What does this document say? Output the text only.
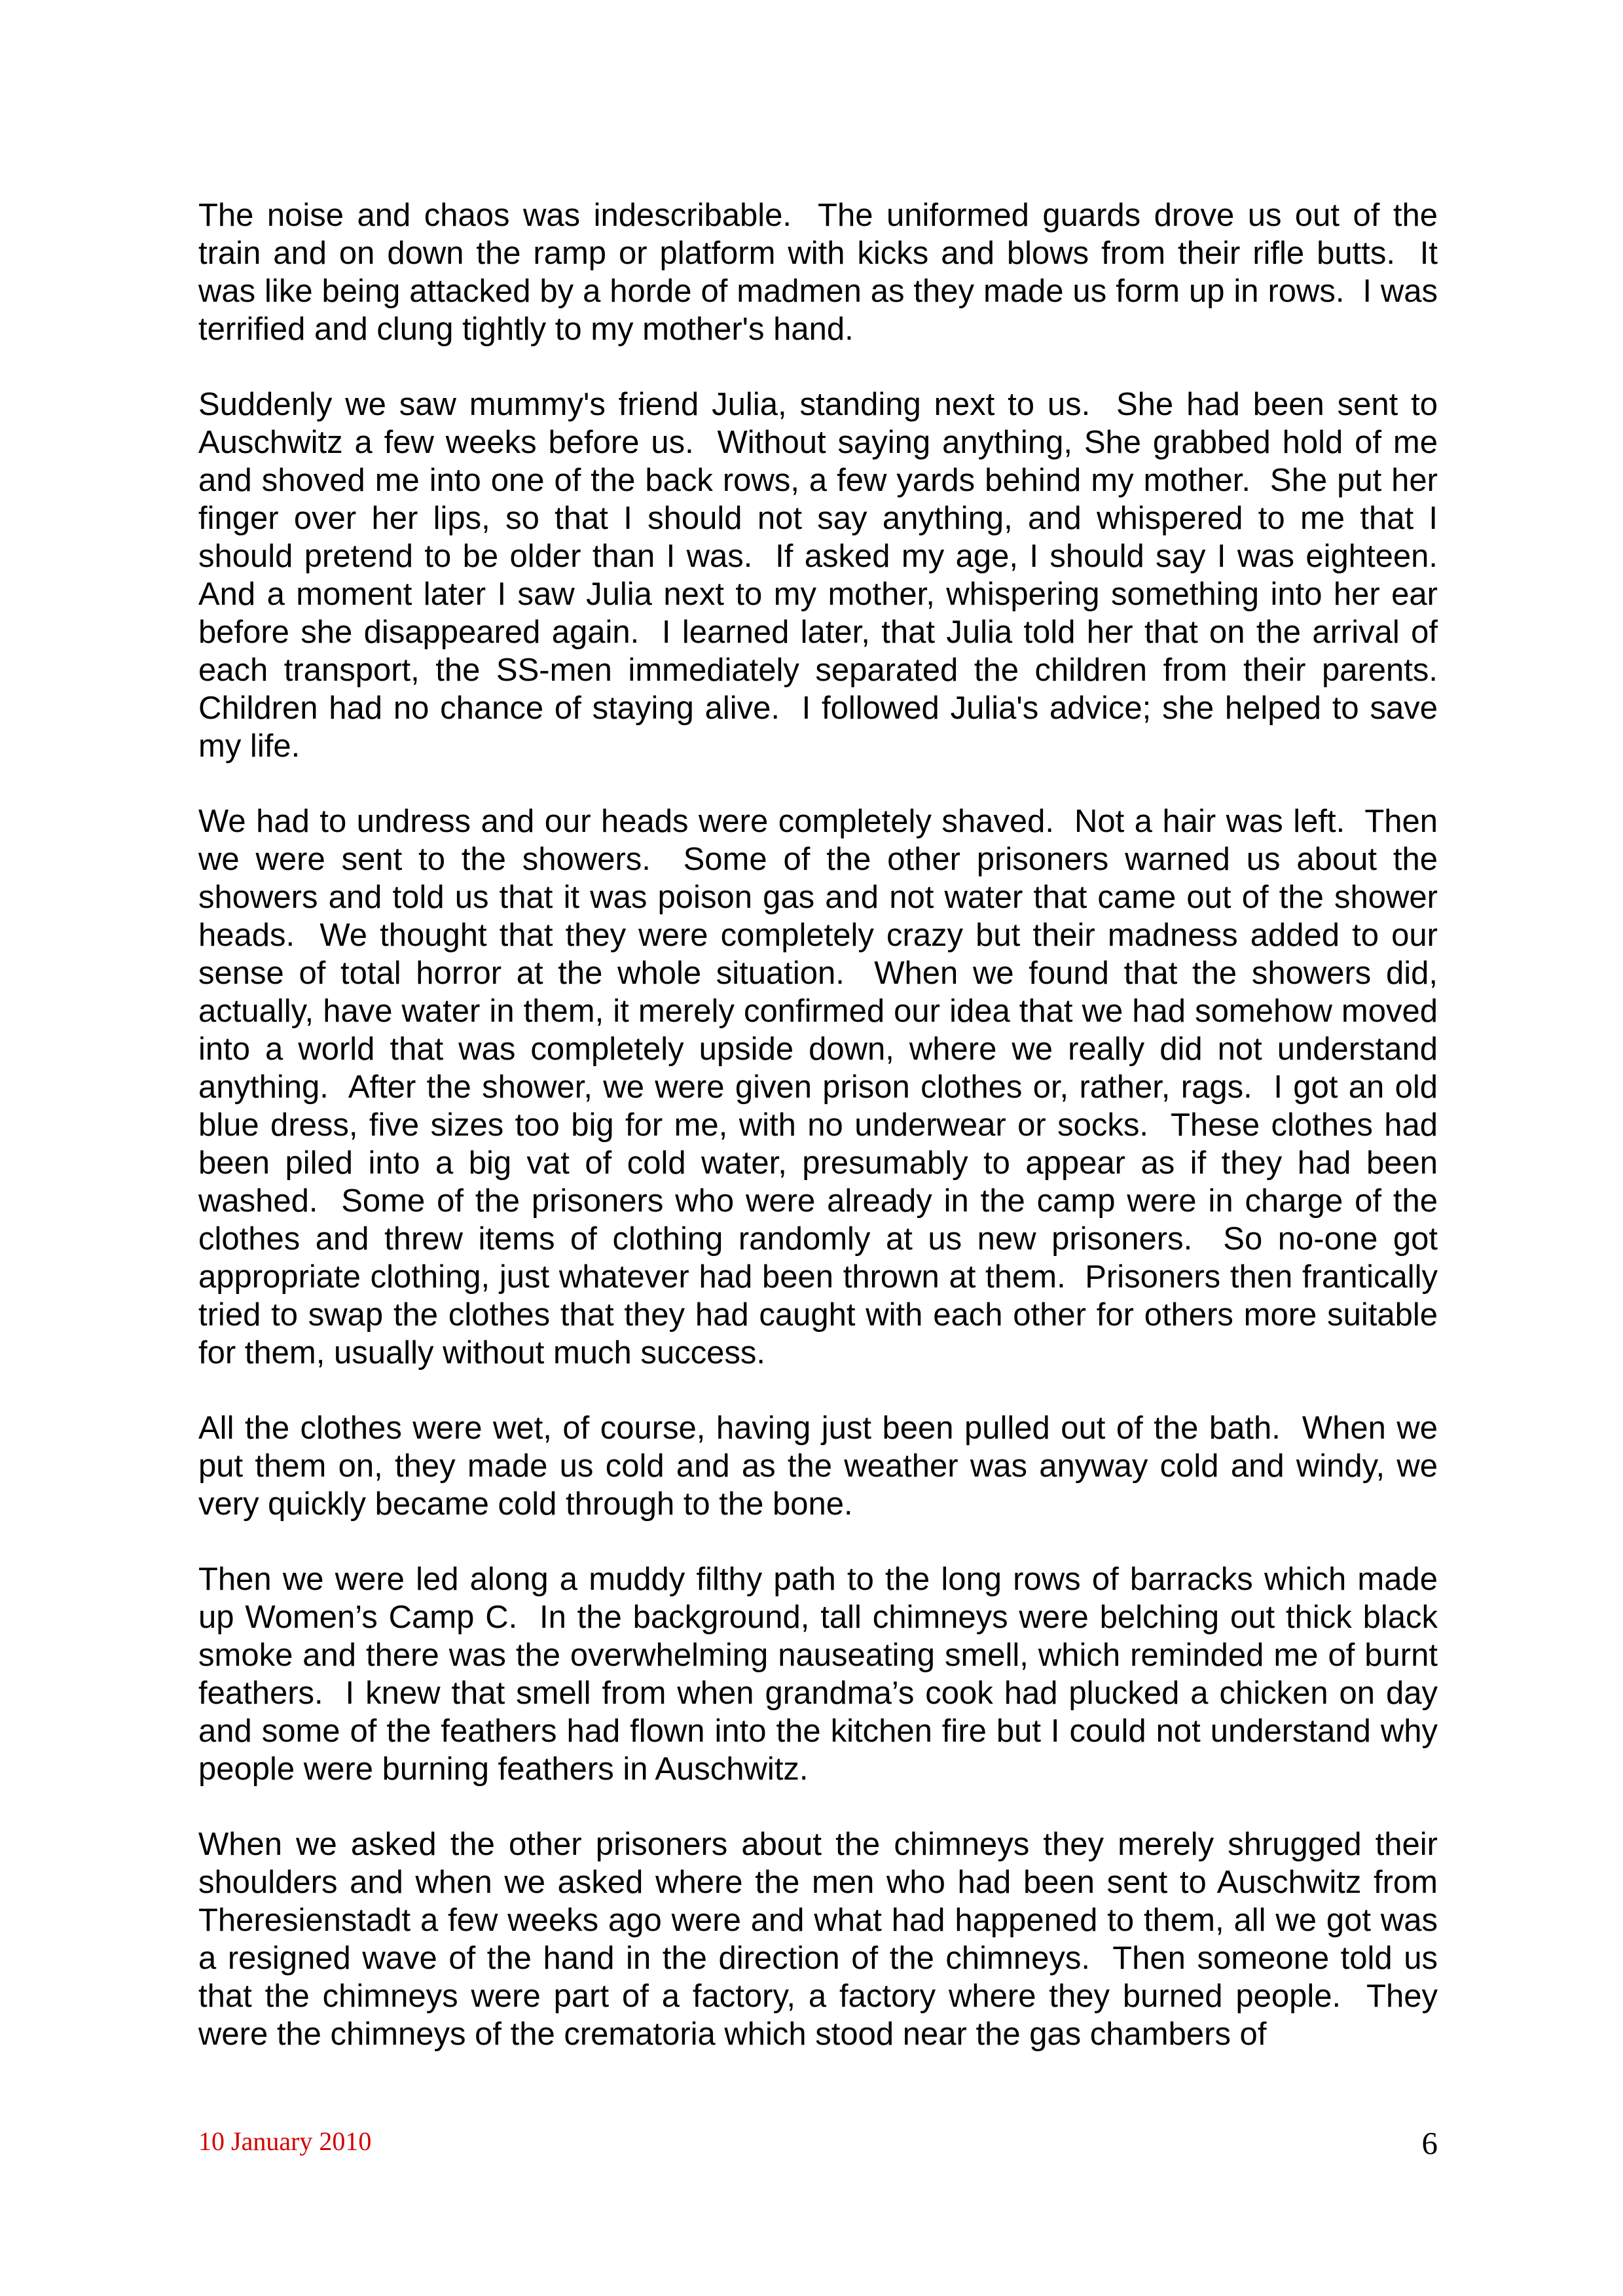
The noise and chaos was indescribable.  The uniformed guards drove us out of the train and on down the ramp or platform with kicks and blows from their rifle butts.  It was like being attacked by a horde of madmen as they made us form up in rows.  I was terrified and clung tightly to my mother's hand.

Suddenly we saw mummy's friend Julia, standing next to us.  She had been sent to Auschwitz a few weeks before us.  Without saying anything, She grabbed hold of me and shoved me into one of the back rows, a few yards behind my mother.  She put her finger over her lips, so that I should not say anything, and whispered to me that I should pretend to be older than I was.  If asked my age, I should say I was eighteen.  And a moment later I saw Julia next to my mother, whispering something into her ear before she disappeared again.  I learned later, that Julia told her that on the arrival of each transport, the SS-men immediately separated the children from their parents.  Children had no chance of staying alive.  I followed Julia's advice; she helped to save my life.

We had to undress and our heads were completely shaved.  Not a hair was left.  Then we were sent to the showers.  Some of the other prisoners warned us about the showers and told us that it was poison gas and not water that came out of the shower heads.  We thought that they were completely crazy but their madness added to our sense of total horror at the whole situation.  When we found that the showers did, actually, have water in them, it merely confirmed our idea that we had somehow moved into a world that was completely upside down, where we really did not understand anything.  After the shower, we were given prison clothes or, rather, rags.  I got an old blue dress, five sizes too big for me, with no underwear or socks.  These clothes had been piled into a big vat of cold water, presumably to appear as if they had been washed.  Some of the prisoners who were already in the camp were in charge of the clothes and threw items of clothing randomly at us new prisoners.  So no-one got appropriate clothing, just whatever had been thrown at them.  Prisoners then frantically tried to swap the clothes that they had caught with each other for others more suitable for them, usually without much success.

All the clothes were wet, of course, having just been pulled out of the bath.  When we put them on, they made us cold and as the weather was anyway cold and windy, we very quickly became cold through to the bone.

Then we were led along a muddy filthy path to the long rows of barracks which made up Women’s Camp C.  In the background, tall chimneys were belching out thick black smoke and there was the overwhelming nauseating smell, which reminded me of burnt feathers.  I knew that smell from when grandma’s cook had plucked a chicken on day and some of the feathers had flown into the kitchen fire but I could not understand why people were burning feathers in Auschwitz.

When we asked the other prisoners about the chimneys they merely shrugged their shoulders and when we asked where the men who had been sent to Auschwitz from Theresienstadt a few weeks ago were and what had happened to them, all we got was a resigned wave of the hand in the direction of the chimneys.  Then someone told us that the chimneys were part of a factory, a factory where they burned people.  They were the chimneys of the crematoria which stood near the gas chambers of

10 January 2010	6
